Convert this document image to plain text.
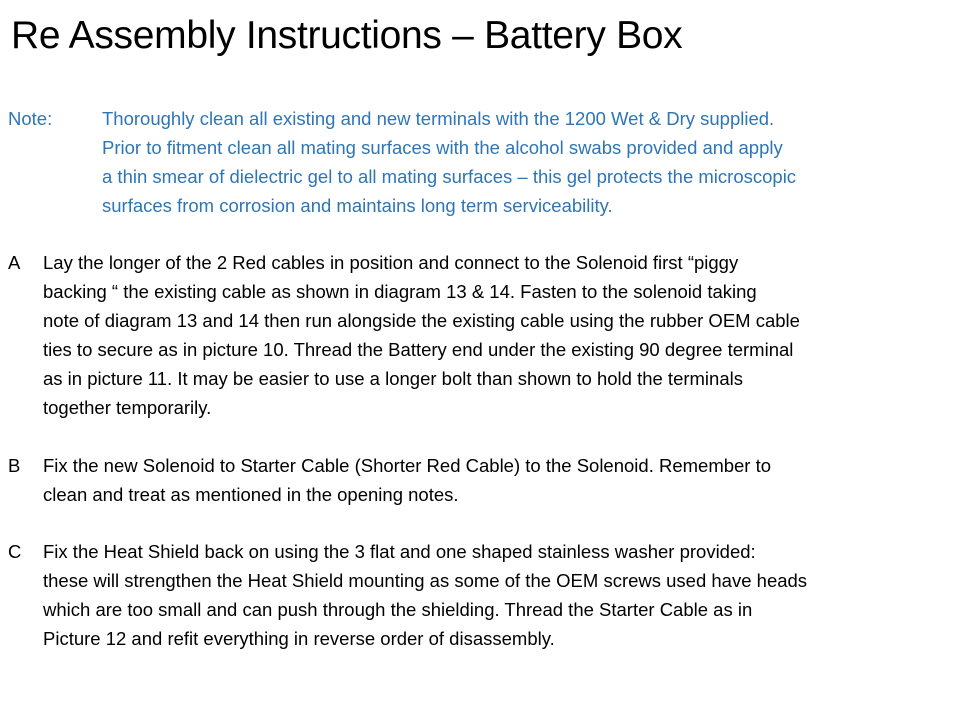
Re Assembly Instructions – Battery Box
Note:	Thoroughly clean all existing and new terminals with the 1200 Wet & Dry supplied.
Prior to fitment clean all mating surfaces with the alcohol swabs provided and apply
a thin smear of dielectric gel to all mating surfaces – this gel protects the microscopic
surfaces from corrosion and maintains long term serviceability.
A Lay the longer of the 2 Red cables in position and connect to the Solenoid first “piggy
backing “ the existing cable as shown in diagram 13 & 14. Fasten to the solenoid taking
note of diagram 13 and 14 then run alongside the existing cable using the rubber OEM cable
ties to secure as in picture 10. Thread the Battery end under the existing 90 degree terminal
as in picture 11. It may be easier to use a longer bolt than shown to hold the terminals
together temporarily.
B Fix the new Solenoid to Starter Cable (Shorter Red Cable) to the Solenoid. Remember to
clean and treat as mentioned in the opening notes.
C Fix the Heat Shield back on using the 3 flat and one shaped stainless washer provided:
these will strengthen the Heat Shield mounting as some of the OEM screws used have heads
which are too small and can push through the shielding. Thread the Starter Cable as in
Picture 12 and refit everything in reverse order of disassembly.
